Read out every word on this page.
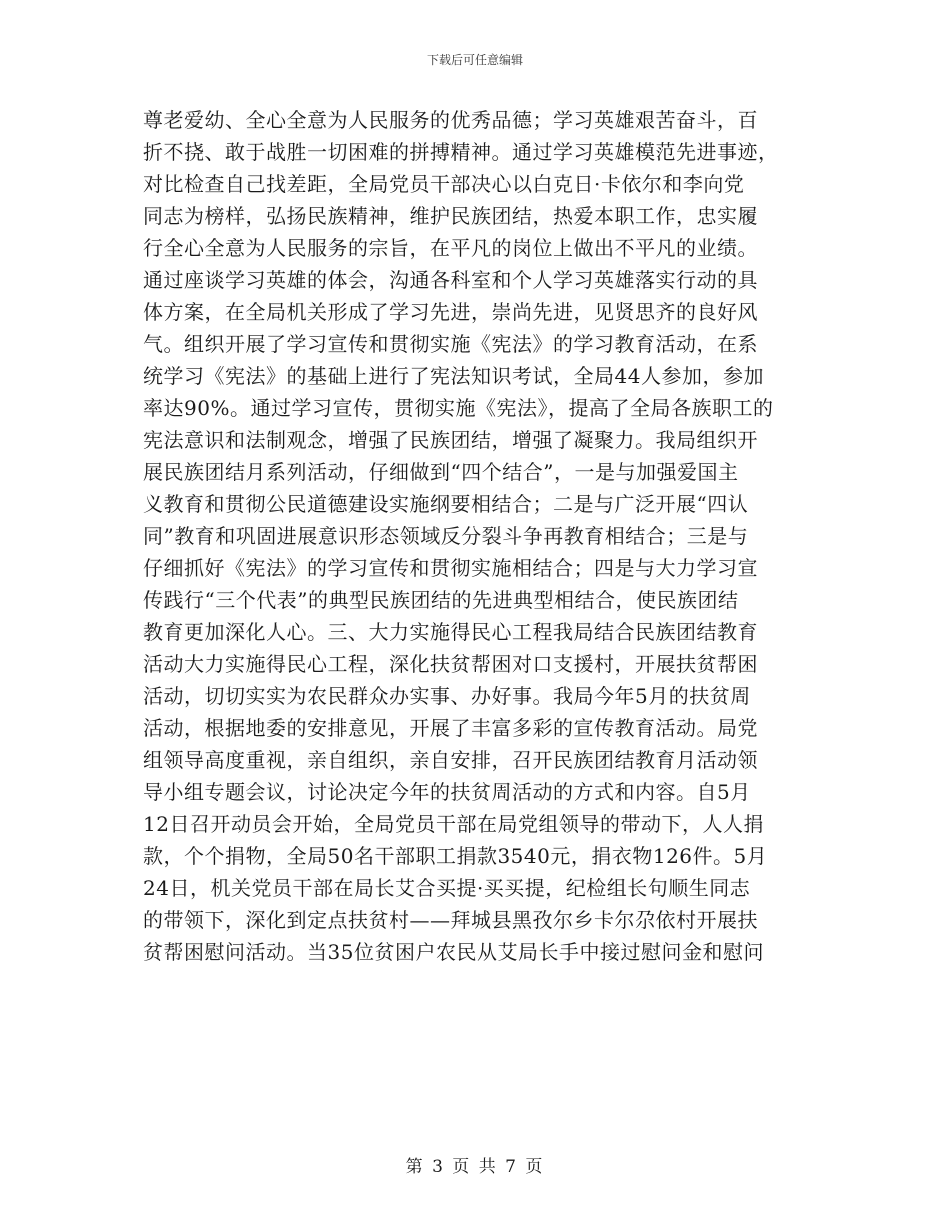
下载后可任意编辑
尊老爱幼、全心全意为人民服务的优秀品德；学习英雄艰苦奋斗，百
折不挠、敢于战胜一切困难的拼搏精神。通过学习英雄模范先进事迹，
对比检查自己找差距，全局党员干部决心以白克日·卡依尔和李向党
同志为榜样，弘扬民族精神，维护民族团结，热爱本职工作，忠实履
行全心全意为人民服务的宗旨，在平凡的岗位上做出不平凡的业绩。
通过座谈学习英雄的体会，沟通各科室和个人学习英雄落实行动的具
体方案，在全局机关形成了学习先进，崇尚先进，见贤思齐的良好风
气。组织开展了学习宣传和贯彻实施《宪法》的学习教育活动，在系
统学习《宪法》的基础上进行了宪法知识考试，全局44人参加，参加
率达90%。通过学习宣传，贯彻实施《宪法》，提高了全局各族职工的
宪法意识和法制观念，增强了民族团结，增强了凝聚力。我局组织开
展民族团结月系列活动，仔细做到“四个结合”，一是与加强爱国主
义教育和贯彻公民道德建设实施纲要相结合；二是与广泛开展“四认
同”教育和巩固进展意识形态领域反分裂斗争再教育相结合；三是与
仔细抓好《宪法》的学习宣传和贯彻实施相结合；四是与大力学习宣
传践行“三个代表”的典型民族团结的先进典型相结合，使民族团结
教育更加深化人心。三、大力实施得民心工程我局结合民族团结教育
活动大力实施得民心工程，深化扶贫帮困对口支援村，开展扶贫帮困
活动，切切实实为农民群众办实事、办好事。我局今年5月的扶贫周
活动，根据地委的安排意见，开展了丰富多彩的宣传教育活动。局党
组领导高度重视，亲自组织，亲自安排，召开民族团结教育月活动领
导小组专题会议，讨论决定今年的扶贫周活动的方式和内容。自5月
12日召开动员会开始，全局党员干部在局党组领导的带动下，人人捐
款，个个捐物，全局50名干部职工捐款3540元，捐衣物126件。5月
24日，机关党员干部在局长艾合买提·买买提，纪检组长句顺生同志
的带领下，深化到定点扶贫村——拜城县黑孜尔乡卡尔尕依村开展扶
贫帮困慰问活动。当35位贫困户农民从艾局长手中接过慰问金和慰问
第 3 页 共 7 页
